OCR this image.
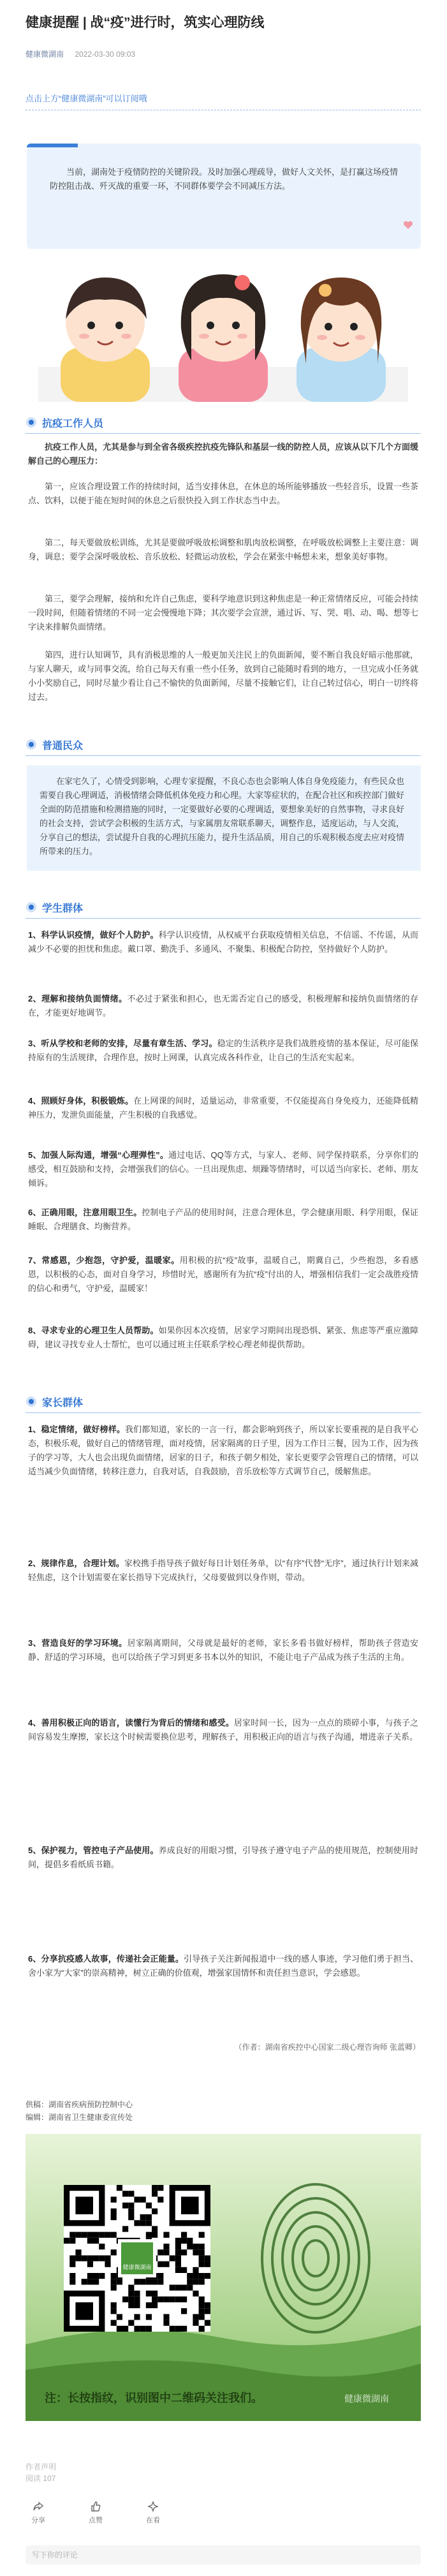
健康提醒 | 战“疫”进行时，筑实心理防线
健康微湖南 2022-03-30 09:03
点击上方“健康微湖南”可以订阅哦
当前，湖南处于疫情防控的关键阶段。及时加强心理疏导，做好人文关怀，是打赢这场疫情防控阻击战、歼灭战的重要一环，不同群体要学会不同减压方法。
抗疫工作人员
抗疫工作人员，尤其是参与到全省各级疾控抗疫先锋队和基层一线的防控人员，应该从以下几个方面缓解自己的心理压力：
第一，应该合理设置工作的持续时间，适当安排休息，在休息的场所能够播放一些轻音乐，设置一些茶点、饮料，以便于能在短时间的休息之后很快投入到工作状态当中去。
第二，每天要做放松训练，尤其是要做呼吸放松调整和肌肉放松调整，在呼吸放松调整上主要注意：调身，调息；要学会深呼吸放松、音乐放松、轻微运动放松，学会在紧张中畅想未来，想象美好事物。
第三，要学会理解，接纳和允许自己焦虑，要科学地意识到这种焦虑是一种正常情绪反应，可能会持续一段时间，但随着情绪的不同一定会慢慢地下降；其次要学会宣泄，通过诉、写、哭、唱、动、喝、想等七字诀来排解负面情绪。
第四，进行认知调节，具有消极思维的人一般更加关注民上的负面新闻，要不断自我良好暗示他那就，与家人聊天，或与同事交流，给自己每天有重一些小任务，放到自己能随时看到的地方，一旦完成小任务就小小奖励自己，同时尽量少看让自己不愉快的负面新闻，尽量不接触它们，让自己转过信心，明白一切终将过去。
普通民众
在家宅久了，心情受到影响，心理专家提醒，不良心态也会影响人体自身免疫能力，有些民众也需要自我心理调适，消极情绪会降低机体免疫力和心理。大家等症状的，在配合社区和疾控部门做好全面的防范措施和检测措施的同时，一定要做好必要的心理调适，要想象美好的自然事物，寻求良好的社会支持，尝试学会积极的生活方式，与家属朋友常联系聊天，调整作息，适度运动，与人交流，分享自己的想法，尝试提升自我的心理抗压能力，提升生活品质，用自己的乐观积极态度去应对疫情所带来的压力。
学生群体
1、科学认识疫情，做好个人防护。科学认识疫情，从权威平台获取疫情相关信息，不信谣、不传谣，从而减少不必要的担忧和焦虑。戴口罩、勤洗手、多通风、不聚集、积极配合防控，坚持做好个人防护。
2、理解和接纳负面情绪。不必过于紧张和担心，也无需否定自己的感受，积极理解和接纳负面情绪的存在，才能更好地调节。
3、听从学校和老师的安排，尽量有章生活、学习。稳定的生活秩序是我们战胜疫情的基本保证，尽可能保持原有的生活规律，合理作息，按时上网课，认真完成各科作业，让自己的生活充实起来。
4、照顾好身体，积极锻炼。在上网课的间时，适量运动，非常重要，不仅能提高自身免疫力，还能降低精神压力，发泄负面能量，产生积极的自我感觉。
5、加强人际沟通，增强“心理弹性”。通过电话、QQ等方式，与家人、老师、同学保持联系，分享你们的感受，相互鼓励和支持，会增强我们的信心。一旦出现焦虑、烦躁等情绪时，可以适当向家长、老师、朋友倾诉。
6、正确用眼，注意用眼卫生。控制电子产品的使用时间，注意合理休息，学会健康用眼、科学用眼，保证睡眠、合理膳食、均衡营养。
7、常感恩，少抱怨，守护爱，温暖家。用积极的抗“疫”故事，温暖自己，期冀自己，少些抱怨，多看感恩，以积极的心态，面对自身学习，珍惜时光，感谢所有为抗“疫”付出的人，增强相信我们一定会战胜疫情的信心和勇气，守护爱，温暖家！
8、寻求专业的心理卫生人员帮助。如果你因本次疫情，居家学习期间出现恐惧、紧张、焦虑等严重应激障碍，建议寻找专业人士帮忙，也可以通过班主任联系学校心理老师提供帮助。
家长群体
1、稳定情绪，做好榜样。我们都知道，家长的一言一行，都会影响到孩子，所以家长要重视的是自我平心态，积极乐观，做好自己的情绪管理，面对疫情，居家隔离的日子里，因为工作日三餐，因为工作，因为孩子的学习等，大人也会出现负面情绪，居家的日子，和孩子朝夕相处，家长更要学会管理自己的情绪，可以适当减少负面情绪，转移注意力，自我对话，自我鼓励，音乐放松等方式调节自己，缓解焦虑。
2、规律作息，合理计划。家校携手指导孩子做好每日计划任务单，以“有序”代替“无序”，通过执行计划来减轻焦虑，这个计划需要在家长指导下完成执行，父母要做到以身作则，带动。
3、营造良好的学习环境。居家隔离期间，父母就是最好的老师，家长多看书做好榜样，帮助孩子营造安静、舒适的学习环境，也可以给孩子学习到更多书本以外的知识，不能让电子产品成为孩子生活的主角。
4、善用积极正向的语言，读懂行为背后的情绪和感受。居家时间一长，因为一点点的琐碎小事，与孩子之间容易发生摩擦，家长这个时候需要换位思考，理解孩子，用积极正向的语言与孩子沟通，增进亲子关系。
5、保护视力，管控电子产品使用。养成良好的用眼习惯，引导孩子遵守电子产品的使用规范，控制使用时间，提倡多看纸质书籍。
6、分享抗疫感人故事，传递社会正能量。引导孩子关注新闻报道中一线的感人事迹，学习他们勇于担当、舍小家为“大家”的崇高精神，树立正确的价值观，增强家国情怀和责任担当意识，学会感恩。
（作者：湖南省疾控中心国家二级心理咨询师 张蓝卿）
供稿：湖南省疾病预防控制中心
编辑：湖南省卫生健康委宣传处
健康微湖南
注：长按指纹，识别图中二维码关注我们。	健康微湖南
作者声明
阅读 107
分享	点赞	在看
写下你的评论
